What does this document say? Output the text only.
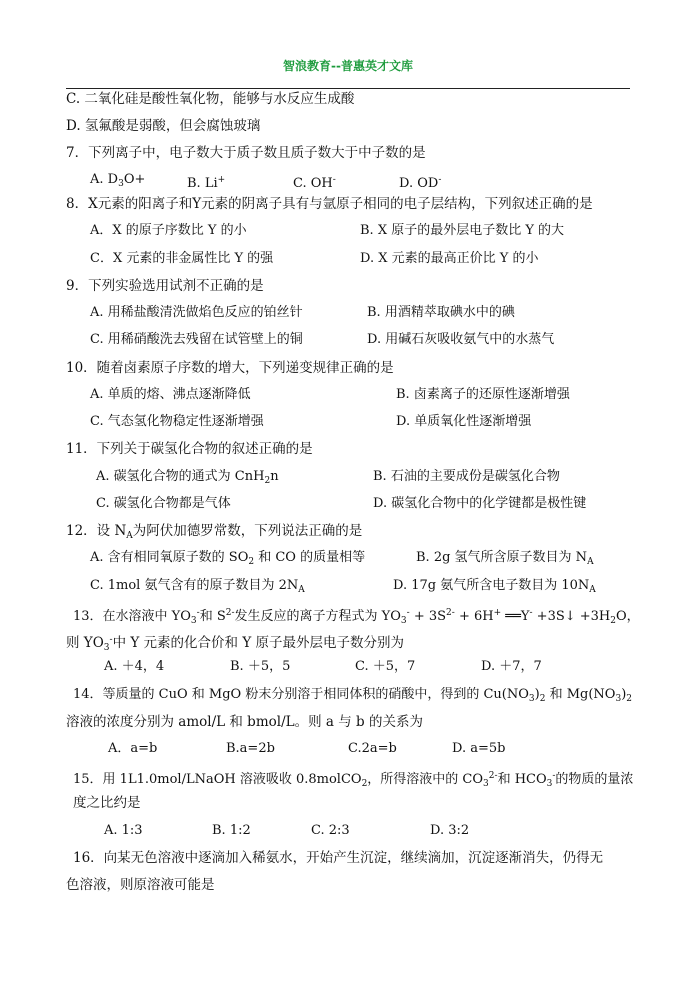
智浪教育--普惠英才文库
C. 二氧化硅是酸性氧化物，能够与水反应生成酸
D. 氢氟酸是弱酸，但会腐蚀玻璃
7．下列离子中，电子数大于质子数且质子数大于中子数的是
A. $D_3O+$	B. Li+	C. OH-	D. OD-
8．X元素的阳离子和Y元素的阴离子具有与氩原子相同的电子层结构，下列叙述正确的是
A．X 的原子序数比 Y 的小	B. X 原子的最外层电子数比 Y 的大
C．X 元素的非金属性比 Y 的强	D. X 元素的最高正价比 Y 的小
9．下列实验选用试剂不正确的是
A. 用稀盐酸清洗做焰色反应的铂丝针	B. 用酒精萃取碘水中的碘
C. 用稀硝酸洗去残留在试管壁上的铜	D. 用碱石灰吸收氨气中的水蒸气
10．随着卤素原子序数的增大，下列递变规律正确的是
A. 单质的熔、沸点逐渐降低	B. 卤素离子的还原性逐渐增强
C. 气态氢化物稳定性逐渐增强	D. 单质氧化性逐渐增强
11．下列关于碳氢化合物的叙述正确的是
A. 碳氢化合物的通式为 CnH$_2$n	B. 石油的主要成份是碳氢化合物
C. 碳氢化合物都是气体	D. 碳氢化合物中的化学键都是极性键
12．设 $N_A$为阿伏加德罗常数，下列说法正确的是
A. 含有相同氧原子数的 $SO_2$ 和 CO 的质量相等	B. 2g 氢气所含原子数目为 $N_A$
C. 1mol 氨气含有的原子数目为 $2N_A$	D. 17g 氨气所含电子数目为 $10N_A$
13．在水溶液中 $YO_3^-$和 $S^{2-}$发生反应的离子方程式为 $YO_3^- + 3S^{2-} + 6H^+$ ══Y- +3S↓ $+3H_2O$，
则 $YO_3^-$中 Y 元素的化合价和 Y 原子最外层电子数分别为
A. ＋4，4	B. ＋5，5	C. ＋5，7	D. ＋7，7
14．等质量的 CuO 和 MgO 粉末分别溶于相同体积的硝酸中，得到的 $Cu(NO_3)_2$ 和 $Mg(NO_3)_2$
溶液的浓度分别为 amol/L 和 bmol/L。则 a 与 b 的关系为
A．a=b	B.a=2b	C.2a=b	D. a=5b
15．用 1L1.0mol/LNaOH 溶液吸收 0.8molCO$_2$，所得溶液中的 $CO_3^{2-}$和 $HCO_3^-$的物质的量浓
度之比约是
A. 1:3	B. 1:2	C. 2:3	D. 3:2
16．向某无色溶液中逐滴加入稀氨水，开始产生沉淀，继续滴加，沉淀逐渐消失，仍得无
色溶液，则原溶液可能是
